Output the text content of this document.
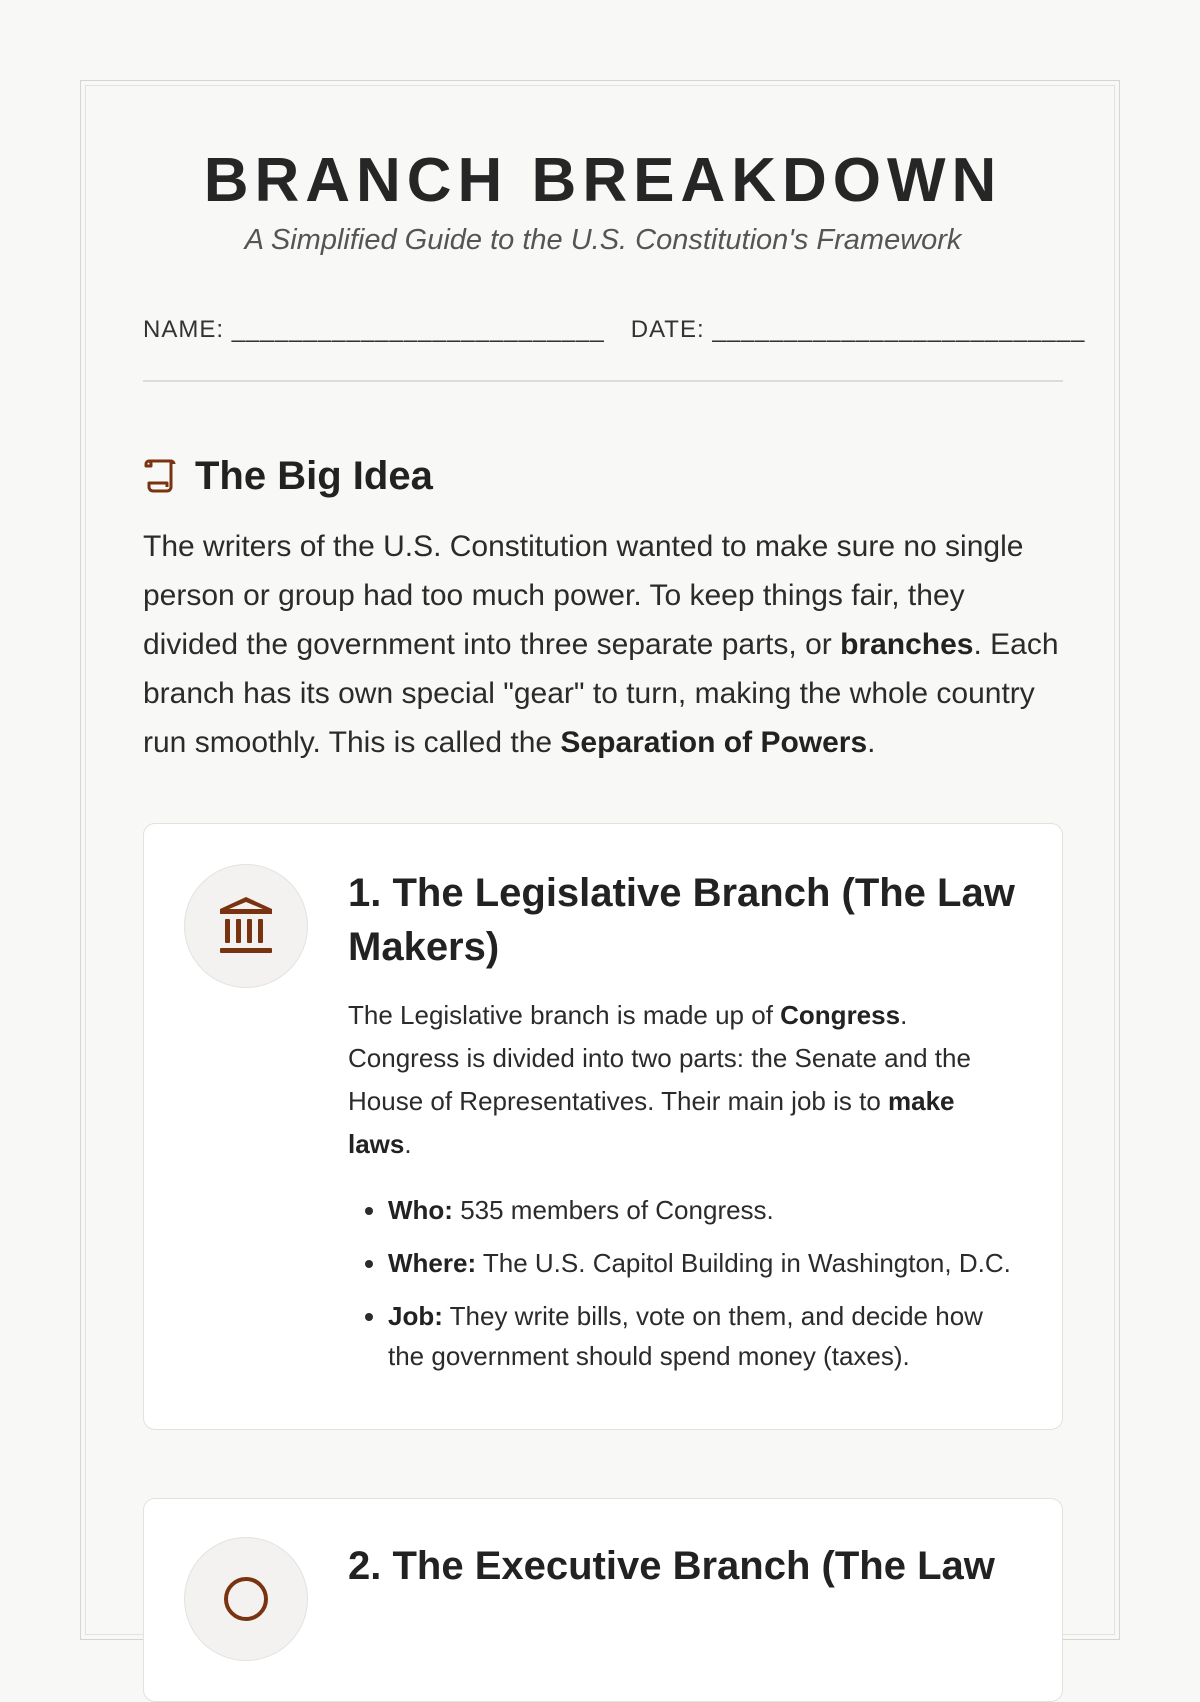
BRANCH BREAKDOWN

A Simplified Guide to the U.S. Constitution's Framework

NAME: __________________________ DATE: __________________________
The Big Idea

The writers of the U.S. Constitution wanted to make sure no single person or group had too much power. To keep things fair, they divided the government into three separate parts, or branches. Each branch has its own special "gear" to turn, making the whole country run smoothly. This is called the Separation of Powers.

1. The Legislative Branch (The Law Makers)

The Legislative branch is made up of Congress. Congress is divided into two parts: the Senate and the House of Representatives. Their main job is to make laws.

• Who: 535 members of Congress.
• Where: The U.S. Capitol Building in Washington, D.C.
• Job: They write bills, vote on them, and decide how the government should spend money (taxes).
2. The Executive Branch (The Law
